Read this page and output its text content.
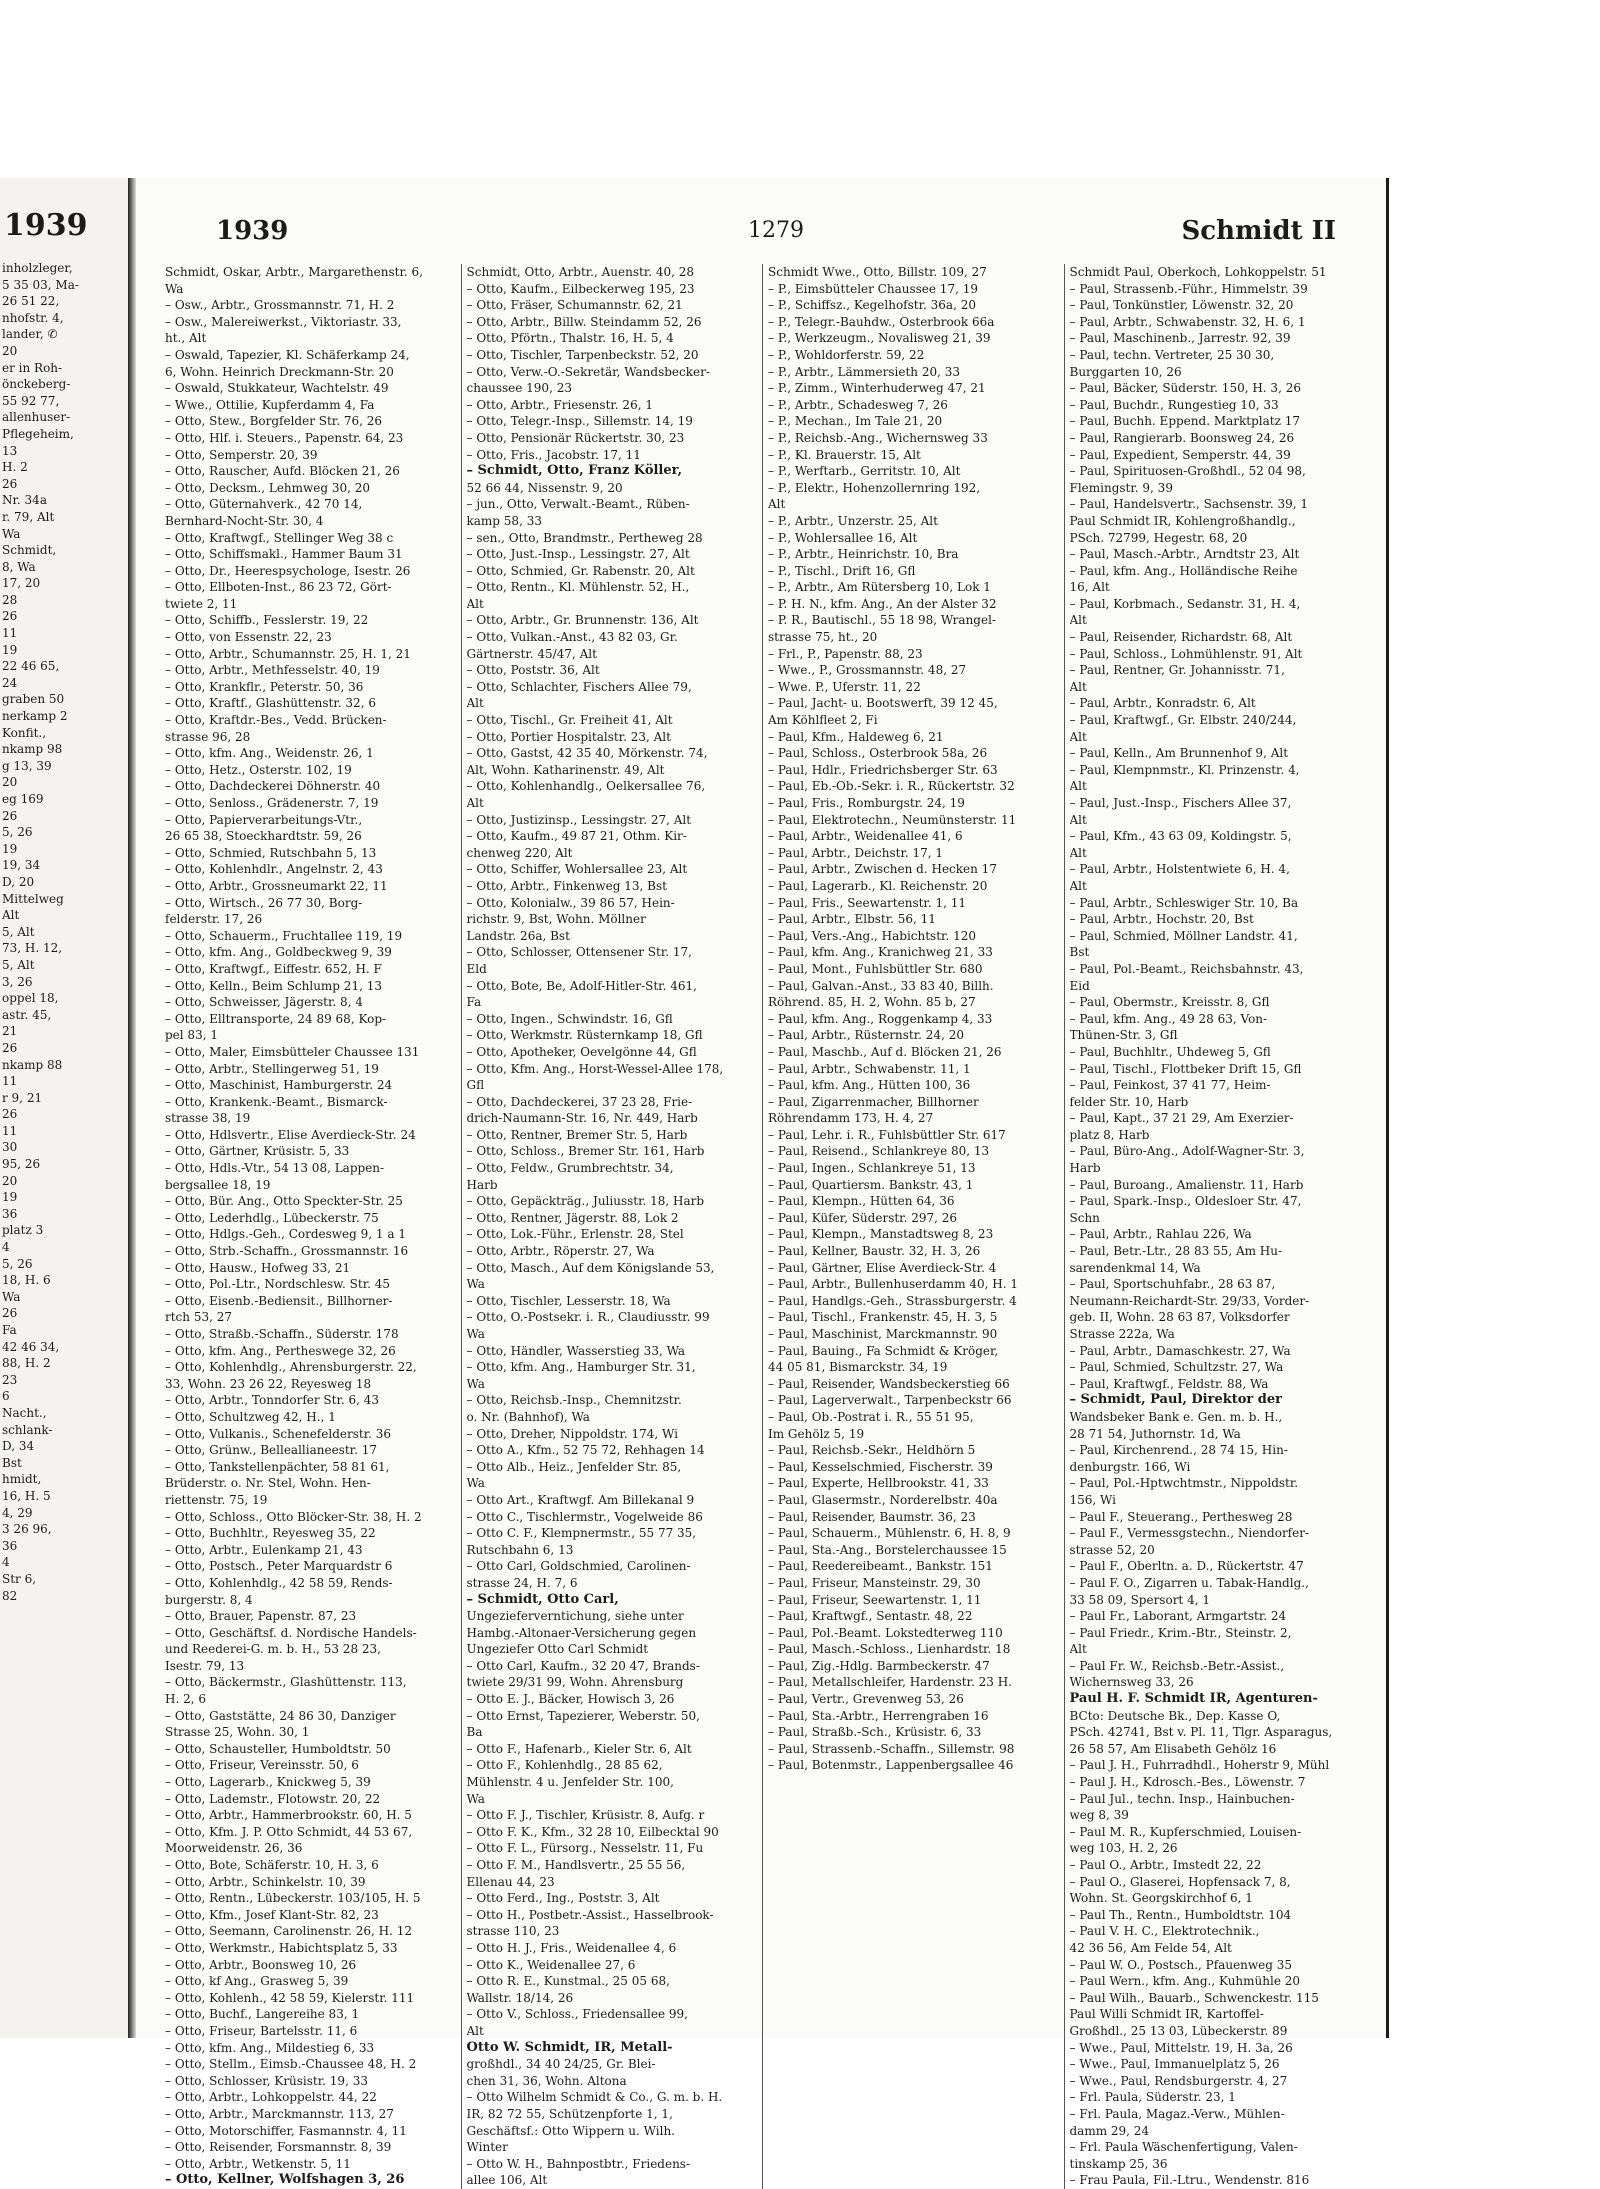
1939
inholzleger,
5 35 03, Ma-
26 51 22,
nhofstr. 4,
lander, ✆
20
er in Roh-
önckeberg-
55 92 77,
allenhuser-
Pflegeheim,
13
H. 2
26
Nr. 34a
r. 79, Alt
Wa
Schmidt,
8, Wa
17, 20
28
26
11
19
22 46 65,
24
graben 50
nerkamp 2
Konfit.,
nkamp 98
g 13, 39
20
eg 169
26
5, 26
19
19, 34
D, 20
Mittelweg
Alt
5, Alt
73, H. 12,
5, Alt
3, 26
oppel 18,
astr. 45,
21
26
nkamp 88
11
r 9, 21
26
11
30
95, 26
20
19
36
platz 3
4
5, 26
18, H. 6
Wa
26
Fa
42 46 34,
88, H. 2
23
6
Nacht.,
schlank-
D, 34
Bst
hmidt,
16, H. 5
4, 29
3 26 96,
36
4
Str 6,
82
1939	1279	Schmidt II
Schmidt, Oskar, Arbtr., Margarethenstr. 6,
Wa
– Osw., Arbtr., Grossmannstr. 71, H. 2
– Osw., Malereiwerkst., Viktoriastr. 33,
ht., Alt
– Oswald, Tapezier, Kl. Schäferkamp 24,
6, Wohn. Heinrich Dreckmann-Str. 20
– Oswald, Stukkateur, Wachtelstr. 49
– Wwe., Ottilie, Kupferdamm 4, Fa
– Otto, Stew., Borgfelder Str. 76, 26
– Otto, Hlf. i. Steuers., Papenstr. 64, 23
– Otto, Semperstr. 20, 39
– Otto, Rauscher, Aufd. Blöcken 21, 26
– Otto, Decksm., Lehmweg 30, 20
– Otto, Güternahverk., 42 70 14,
Bernhard-Nocht-Str. 30, 4
– Otto, Kraftwgf., Stellinger Weg 38 c
– Otto, Schiffsmakl., Hammer Baum 31
– Otto, Dr., Heerespsychologe, Isestr. 26
– Otto, Ellboten-Inst., 86 23 72, Gört-
twiete 2, 11
– Otto, Schiffb., Fesslerstr. 19, 22
– Otto, von Essenstr. 22, 23
– Otto, Arbtr., Schumannstr. 25, H. 1, 21
– Otto, Arbtr., Methfesselstr. 40, 19
– Otto, Krankflr., Peterstr. 50, 36
– Otto, Kraftf., Glashüttenstr. 32, 6
– Otto, Kraftdr.-Bes., Vedd. Brücken-
strasse 96, 28
– Otto, kfm. Ang., Weidenstr. 26, 1
– Otto, Hetz., Osterstr. 102, 19
– Otto, Dachdeckerei Döhnerstr. 40
– Otto, Senloss., Grädenerstr. 7, 19
– Otto, Papierverarbeitungs-Vtr.,
26 65 38, Stoeckhardtstr. 59, 26
– Otto, Schmied, Rutschbahn 5, 13
– Otto, Kohlenhdlr., Angelnstr. 2, 43
– Otto, Arbtr., Grossneumarkt 22, 11
– Otto, Wirtsch., 26 77 30, Borg-
felderstr. 17, 26
– Otto, Schauerm., Fruchtallee 119, 19
– Otto, kfm. Ang., Goldbeckweg 9, 39
– Otto, Kraftwgf., Eiffestr. 652, H. F
– Otto, Kelln., Beim Schlump 21, 13
– Otto, Schweisser, Jägerstr. 8, 4
– Otto, Elltransporte, 24 89 68, Kop-
pel 83, 1
– Otto, Maler, Eimsbütteler Chaussee 131
– Otto, Arbtr., Stellingerweg 51, 19
– Otto, Maschinist, Hamburgerstr. 24
– Otto, Krankenk.-Beamt., Bismarck-
strasse 38, 19
– Otto, Hdlsvertr., Elise Averdieck-Str. 24
– Otto, Gärtner, Krüsistr. 5, 33
– Otto, Hdls.-Vtr., 54 13 08, Lappen-
bergsallee 18, 19
– Otto, Bür. Ang., Otto Speckter-Str. 25
– Otto, Lederhdlg., Lübeckerstr. 75
– Otto, Hdlgs.-Geh., Cordesweg 9, 1 a 1
– Otto, Strb.-Schaffn., Grossmannstr. 16
– Otto, Hausw., Hofweg 33, 21
– Otto, Pol.-Ltr., Nordschlesw. Str. 45
– Otto, Eisenb.-Bediensit., Billhorner-
rtch 53, 27
– Otto, Straßb.-Schaffn., Süderstr. 178
– Otto, kfm. Ang., Pertheswege 32, 26
– Otto, Kohlenhdlg., Ahrensburgerstr. 22,
33, Wohn. 23 26 22, Reyesweg 18
– Otto, Arbtr., Tonndorfer Str. 6, 43
– Otto, Schultzweg 42, H., 1
– Otto, Vulkanis., Schenefelderstr. 36
– Otto, Grünw., Belleallianeestr. 17
– Otto, Tankstellenpächter, 58 81 61,
Brüderstr. o. Nr. Stel, Wohn. Hen-
riettenstr. 75, 19
– Otto, Schloss., Otto Blöcker-Str. 38, H. 2
– Otto, Buchhltr., Reyesweg 35, 22
– Otto, Arbtr., Eulenkamp 21, 43
– Otto, Postsch., Peter Marquardstr 6
– Otto, Kohlenhdlg., 42 58 59, Rends-
burgerstr. 8, 4
– Otto, Brauer, Papenstr. 87, 23
– Otto, Geschäftsf. d. Nordische Handels-
und Reederei-G. m. b. H., 53 28 23,
Isestr. 79, 13
– Otto, Bäckermstr., Glashüttenstr. 113,
H. 2, 6
– Otto, Gaststätte, 24 86 30, Danziger
Strasse 25, Wohn. 30, 1
– Otto, Schausteller, Humboldtstr. 50
– Otto, Friseur, Vereinsstr. 50, 6
– Otto, Lagerarb., Knickweg 5, 39
– Otto, Lademstr., Flotowstr. 20, 22
– Otto, Arbtr., Hammerbrookstr. 60, H. 5
– Otto, Kfm. J. P. Otto Schmidt, 44 53 67,
Moorweidenstr. 26, 36
– Otto, Bote, Schäferstr. 10, H. 3, 6
– Otto, Arbtr., Schinkelstr. 10, 39
– Otto, Rentn., Lübeckerstr. 103/105, H. 5
– Otto, Kfm., Josef Klant-Str. 82, 23
– Otto, Seemann, Carolinenstr. 26, H. 12
– Otto, Werkmstr., Habichtsplatz 5, 33
– Otto, Arbtr., Boonsweg 10, 26
– Otto, kf Ang., Grasweg 5, 39
– Otto, Kohlenh., 42 58 59, Kielerstr. 111
– Otto, Buchf., Langereihe 83, 1
– Otto, Friseur, Bartelsstr. 11, 6
– Otto, kfm. Ang., Mildestieg 6, 33
– Otto, Stellm., Eimsb.-Chaussee 48, H. 2
– Otto, Schlosser, Krüsistr. 19, 33
– Otto, Arbtr., Lohkoppelstr. 44, 22
– Otto, Arbtr., Marckmannstr. 113, 27
– Otto, Motorschiffer, Fasmannstr. 4, 11
– Otto, Reisender, Forsmannstr. 8, 39
– Otto, Arbtr., Wetkenstr. 5, 11
– Otto, Kellner, Wolfshagen 3, 26
Schmidt, Otto, Arbtr., Auenstr. 40, 28
– Otto, Kaufm., Eilbeckerweg 195, 23
– Otto, Fräser, Schumannstr. 62, 21
– Otto, Arbtr., Billw. Steindamm 52, 26
– Otto, Pförtn., Thalstr. 16, H. 5, 4
– Otto, Tischler, Tarpenbeckstr. 52, 20
– Otto, Verw.-O.-Sekretär, Wandsbecker-
chaussee 190, 23
– Otto, Arbtr., Friesenstr. 26, 1
– Otto, Telegr.-Insp., Sillemstr. 14, 19
– Otto, Pensionär Rückertstr. 30, 23
– Otto, Fris., Jacobstr. 17, 11
– Schmidt, Otto, Franz Köller,
52 66 44, Nissenstr. 9, 20
– jun., Otto, Verwalt.-Beamt., Rüben-
kamp 58, 33
– sen., Otto, Brandmstr., Pertheweg 28
– Otto, Just.-Insp., Lessingstr. 27, Alt
– Otto, Schmied, Gr. Rabenstr. 20, Alt
– Otto, Rentn., Kl. Mühlenstr. 52, H.,
Alt
– Otto, Arbtr., Gr. Brunnenstr. 136, Alt
– Otto, Vulkan.-Anst., 43 82 03, Gr.
Gärtnerstr. 45/47, Alt
– Otto, Poststr. 36, Alt
– Otto, Schlachter, Fischers Allee 79,
Alt
– Otto, Tischl., Gr. Freiheit 41, Alt
– Otto, Portier Hospitalstr. 23, Alt
– Otto, Gastst, 42 35 40, Mörkenstr. 74,
Alt, Wohn. Katharinenstr. 49, Alt
– Otto, Kohlenhandlg., Oelkersallee 76,
Alt
– Otto, Justizinsp., Lessingstr. 27, Alt
– Otto, Kaufm., 49 87 21, Othm. Kir-
chenweg 220, Alt
– Otto, Schiffer, Wohlersallee 23, Alt
– Otto, Arbtr., Finkenweg 13, Bst
– Otto, Kolonialw., 39 86 57, Hein-
richstr. 9, Bst, Wohn. Möllner
Landstr. 26a, Bst
– Otto, Schlosser, Ottensener Str. 17,
Eld
– Otto, Bote, Be, Adolf-Hitler-Str. 461,
Fa
– Otto, Ingen., Schwindstr. 16, Gfl
– Otto, Werkmstr. Rüsternkamp 18, Gfl
– Otto, Apotheker, Oevelgönne 44, Gfl
– Otto, Kfm. Ang., Horst-Wessel-Allee 178,
Gfl
– Otto, Dachdeckerei, 37 23 28, Frie-
drich-Naumann-Str. 16, Nr. 449, Harb
– Otto, Rentner, Bremer Str. 5, Harb
– Otto, Schloss., Bremer Str. 161, Harb
– Otto, Feldw., Grumbrechtstr. 34,
Harb
– Otto, Gepäckträg., Juliusstr. 18, Harb
– Otto, Rentner, Jägerstr. 88, Lok 2
– Otto, Lok.-Führ., Erlenstr. 28, Stel
– Otto, Arbtr., Röperstr. 27, Wa
– Otto, Masch., Auf dem Königslande 53,
Wa
– Otto, Tischler, Lesserstr. 18, Wa
– Otto, O.-Postsekr. i. R., Claudiusstr. 99
Wa
– Otto, Händler, Wasserstieg 33, Wa
– Otto, kfm. Ang., Hamburger Str. 31,
Wa
– Otto, Reichsb.-Insp., Chemnitzstr.
o. Nr. (Bahnhof), Wa
– Otto, Dreher, Nippoldstr. 174, Wi
– Otto A., Kfm., 52 75 72, Rehhagen 14
– Otto Alb., Heiz., Jenfelder Str. 85,
Wa
– Otto Art., Kraftwgf. Am Billekanal 9
– Otto C., Tischlermstr., Vogelweide 86
– Otto C. F., Klempnermstr., 55 77 35,
Rutschbahn 6, 13
– Otto Carl, Goldschmied, Carolinen-
strasse 24, H. 7, 6
– Schmidt, Otto Carl,
Ungezieferverntichung, siehe unter
Hambg.-Altonaer-Versicherung gegen
Ungeziefer Otto Carl Schmidt
– Otto Carl, Kaufm., 32 20 47, Brands-
twiete 29/31 99, Wohn. Ahrensburg
– Otto E. J., Bäcker, Howisch 3, 26
– Otto Ernst, Tapezierer, Weberstr. 50,
Ba
– Otto F., Hafenarb., Kieler Str. 6, Alt
– Otto F., Kohlenhdlg., 28 85 62,
Mühlenstr. 4 u. Jenfelder Str. 100,
Wa
– Otto F. J., Tischler, Krüsistr. 8, Aufg. r
– Otto F. K., Kfm., 32 28 10, Eilbecktal 90
– Otto F. L., Fürsorg., Nesselstr. 11, Fu
– Otto F. M., Handlsvertr., 25 55 56,
Ellenau 44, 23
– Otto Ferd., Ing., Poststr. 3, Alt
– Otto H., Postbetr.-Assist., Hasselbrook-
strasse 110, 23
– Otto H. J., Fris., Weidenallee 4, 6
– Otto K., Weidenallee 27, 6
– Otto R. E., Kunstmal., 25 05 68,
Wallstr. 18/14, 26
– Otto V., Schloss., Friedensallee 99,
Alt
Otto W. Schmidt, IR, Metall-
großhdl., 34 40 24/25, Gr. Blei-
chen 31, 36, Wohn. Altona
– Otto Wilhelm Schmidt & Co., G. m. b. H.
IR, 82 72 55, Schützenpforte 1, 1,
Geschäftsf.: Otto Wippern u. Wilh.
Winter
– Otto W. H., Bahnpostbtr., Friedens-
allee 106, Alt
Schmidt Wwe., Otto, Billstr. 109, 27
– P., Eimsbütteler Chaussee 17, 19
– P., Schiffsz., Kegelhofstr. 36a, 20
– P., Telegr.-Bauhdw., Osterbrook 66a
– P., Werkzeugm., Novalisweg 21, 39
– P., Wohldorferstr. 59, 22
– P., Arbtr., Lämmersieth 20, 33
– P., Zimm., Winterhuderweg 47, 21
– P., Arbtr., Schadesweg 7, 26
– P., Mechan., Im Tale 21, 20
– P., Reichsb.-Ang., Wichernsweg 33
– P., Kl. Brauerstr. 15, Alt
– P., Werftarb., Gerritstr. 10, Alt
– P., Elektr., Hohenzollernring 192,
Alt
– P., Arbtr., Unzerstr. 25, Alt
– P., Wohlersallee 16, Alt
– P., Arbtr., Heinrichstr. 10, Bra
– P., Tischl., Drift 16, Gfl
– P., Arbtr., Am Rütersberg 10, Lok 1
– P. H. N., kfm. Ang., An der Alster 32
– P. R., Bautischl., 55 18 98, Wrangel-
strasse 75, ht., 20
– Frl., P., Papenstr. 88, 23
– Wwe., P., Grossmannstr. 48, 27
– Wwe. P., Uferstr. 11, 22
– Paul, Jacht- u. Bootswerft, 39 12 45,
Am Köhlfleet 2, Fi
– Paul, Kfm., Haldeweg 6, 21
– Paul, Schloss., Osterbrook 58a, 26
– Paul, Hdlr., Friedrichsberger Str. 63
– Paul, Eb.-Ob.-Sekr. i. R., Rückertstr. 32
– Paul, Fris., Romburgstr. 24, 19
– Paul, Elektrotechn., Neumünsterstr. 11
– Paul, Arbtr., Weidenallee 41, 6
– Paul, Arbtr., Deichstr. 17, 1
– Paul, Arbtr., Zwischen d. Hecken 17
– Paul, Lagerarb., Kl. Reichenstr. 20
– Paul, Fris., Seewartenstr. 1, 11
– Paul, Arbtr., Elbstr. 56, 11
– Paul, Vers.-Ang., Habichtstr. 120
– Paul, kfm. Ang., Kranichweg 21, 33
– Paul, Mont., Fuhlsbüttler Str. 680
– Paul, Galvan.-Anst., 33 83 40, Billh.
Röhrend. 85, H. 2, Wohn. 85 b, 27
– Paul, kfm. Ang., Roggenkamp 4, 33
– Paul, Arbtr., Rüsternstr. 24, 20
– Paul, Maschb., Auf d. Blöcken 21, 26
– Paul, Arbtr., Schwabenstr. 11, 1
– Paul, kfm. Ang., Hütten 100, 36
– Paul, Zigarrenmacher, Billhorner
Röhrendamm 173, H. 4, 27
– Paul, Lehr. i. R., Fuhlsbüttler Str. 617
– Paul, Reisend., Schlankreye 80, 13
– Paul, Ingen., Schlankreye 51, 13
– Paul, Quartiersm. Bankstr. 43, 1
– Paul, Klempn., Hütten 64, 36
– Paul, Küfer, Süderstr. 297, 26
– Paul, Klempn., Manstadtsweg 8, 23
– Paul, Kellner, Baustr. 32, H. 3, 26
– Paul, Gärtner, Elise Averdieck-Str. 4
– Paul, Arbtr., Bullenhuserdamm 40, H. 1
– Paul, Handlgs.-Geh., Strassburgerstr. 4
– Paul, Tischl., Frankenstr. 45, H. 3, 5
– Paul, Maschinist, Marckmannstr. 90
– Paul, Bauing., Fa Schmidt & Kröger,
44 05 81, Bismarckstr. 34, 19
– Paul, Reisender, Wandsbeckerstieg 66
– Paul, Lagerverwalt., Tarpenbeckstr 66
– Paul, Ob.-Postrat i. R., 55 51 95,
Im Gehölz 5, 19
– Paul, Reichsb.-Sekr., Heldhörn 5
– Paul, Kesselschmied, Fischerstr. 39
– Paul, Experte, Hellbrookstr. 41, 33
– Paul, Glasermstr., Norderelbstr. 40a
– Paul, Reisender, Baumstr. 36, 23
– Paul, Schauerm., Mühlenstr. 6, H. 8, 9
– Paul, Sta.-Ang., Borstelerchaussee 15
– Paul, Reedereibeamt., Bankstr. 151
– Paul, Friseur, Mansteinstr. 29, 30
– Paul, Friseur, Seewartenstr. 1, 11
– Paul, Kraftwgf., Sentastr. 48, 22
– Paul, Pol.-Beamt. Lokstedterweg 110
– Paul, Masch.-Schloss., Lienhardstr. 18
– Paul, Zig.-Hdlg. Barmbeckerstr. 47
– Paul, Metallschleifer, Hardenstr. 23 H.
– Paul, Vertr., Grevenweg 53, 26
– Paul, Sta.-Arbtr., Herrengraben 16
– Paul, Straßb.-Sch., Krüsistr. 6, 33
– Paul, Strassenb.-Schaffn., Sillemstr. 98
– Paul, Botenmstr., Lappenbergsallee 46
Schmidt Paul, Oberkoch, Lohkoppelstr. 51
– Paul, Strassenb.-Führ., Himmelstr. 39
– Paul, Tonkünstler, Löwenstr. 32, 20
– Paul, Arbtr., Schwabenstr. 32, H. 6, 1
– Paul, Maschinenb., Jarrestr. 92, 39
– Paul, techn. Vertreter, 25 30 30,
Burggarten 10, 26
– Paul, Bäcker, Süderstr. 150, H. 3, 26
– Paul, Buchdr., Rungestieg 10, 33
– Paul, Buchh. Eppend. Marktplatz 17
– Paul, Rangierarb. Boonsweg 24, 26
– Paul, Expedient, Semperstr. 44, 39
– Paul, Spirituosen-Großhdl., 52 04 98,
Flemingstr. 9, 39
– Paul, Handelsvertr., Sachsenstr. 39, 1
Paul Schmidt IR, Kohlengroßhandlg.,
PSch. 72799, Hegestr. 68, 20
– Paul, Masch.-Arbtr., Arndtstr 23, Alt
– Paul, kfm. Ang., Holländische Reihe
16, Alt
– Paul, Korbmach., Sedanstr. 31, H. 4,
Alt
– Paul, Reisender, Richardstr. 68, Alt
– Paul, Schloss., Lohmühlenstr. 91, Alt
– Paul, Rentner, Gr. Johannisstr. 71,
Alt
– Paul, Arbtr., Konradstr. 6, Alt
– Paul, Kraftwgf., Gr. Elbstr. 240/244,
Alt
– Paul, Kelln., Am Brunnenhof 9, Alt
– Paul, Klempnmstr., Kl. Prinzenstr. 4,
Alt
– Paul, Just.-Insp., Fischers Allee 37,
Alt
– Paul, Kfm., 43 63 09, Koldingstr. 5,
Alt
– Paul, Arbtr., Holstentwiete 6, H. 4,
Alt
– Paul, Arbtr., Schleswiger Str. 10, Ba
– Paul, Arbtr., Hochstr. 20, Bst
– Paul, Schmied, Möllner Landstr. 41,
Bst
– Paul, Pol.-Beamt., Reichsbahnstr. 43,
Eid
– Paul, Obermstr., Kreisstr. 8, Gfl
– Paul, kfm. Ang., 49 28 63, Von-
Thünen-Str. 3, Gfl
– Paul, Buchhltr., Uhdeweg 5, Gfl
– Paul, Tischl., Flottbeker Drift 15, Gfl
– Paul, Feinkost, 37 41 77, Heim-
felder Str. 10, Harb
– Paul, Kapt., 37 21 29, Am Exerzier-
platz 8, Harb
– Paul, Büro-Ang., Adolf-Wagner-Str. 3,
Harb
– Paul, Buroang., Amalienstr. 11, Harb
– Paul, Spark.-Insp., Oldesloer Str. 47,
Schn
– Paul, Arbtr., Rahlau 226, Wa
– Paul, Betr.-Ltr., 28 83 55, Am Hu-
sarendenkmal 14, Wa
– Paul, Sportschuhfabr., 28 63 87,
Neumann-Reichardt-Str. 29/33, Vorder-
geb. II, Wohn. 28 63 87, Volksdorfer
Strasse 222a, Wa
– Paul, Arbtr., Damaschkestr. 27, Wa
– Paul, Schmied, Schultzstr. 27, Wa
– Paul, Kraftwgf., Feldstr. 88, Wa
– Schmidt, Paul, Direktor der
Wandsbeker Bank e. Gen. m. b. H.,
28 71 54, Juthornstr. 1d, Wa
– Paul, Kirchenrend., 28 74 15, Hin-
denburgstr. 166, Wi
– Paul, Pol.-Hptwchtmstr., Nippoldstr.
156, Wi
– Paul F., Steuerang., Perthesweg 28
– Paul F., Vermessgstechn., Niendorfer-
strasse 52, 20
– Paul F., Oberltn. a. D., Rückertstr. 47
– Paul F. O., Zigarren u. Tabak-Handlg.,
33 58 09, Spersort 4, 1
– Paul Fr., Laborant, Armgartstr. 24
– Paul Friedr., Krim.-Btr., Steinstr. 2,
Alt
– Paul Fr. W., Reichsb.-Betr.-Assist.,
Wichernsweg 33, 26
Paul H. F. Schmidt IR, Agenturen-
BCto: Deutsche Bk., Dep. Kasse O,
PSch. 42741, Bst v. Pl. 11, Tlgr. Asparagus,
26 58 57, Am Elisabeth Gehölz 16
– Paul J. H., Fuhrradhdl., Hoherstr 9, Mühl
– Paul J. H., Kdrosch.-Bes., Löwenstr. 7
– Paul Jul., techn. Insp., Hainbuchen-
weg 8, 39
– Paul M. R., Kupferschmied, Louisen-
weg 103, H. 2, 26
– Paul O., Arbtr., Imstedt 22, 22
– Paul O., Glaserei, Hopfensack 7, 8,
Wohn. St. Georgskirchhof 6, 1
– Paul Th., Rentn., Humboldtstr. 104
– Paul V. H. C., Elektrotechnik.,
42 36 56, Am Felde 54, Alt
– Paul W. O., Postsch., Pfauenweg 35
– Paul Wern., kfm. Ang., Kuhmühle 20
– Paul Wilh., Bauarb., Schwenckestr. 115
Paul Willi Schmidt IR, Kartoffel-
Großhdl., 25 13 03, Lübeckerstr. 89
– Wwe., Paul, Mittelstr. 19, H. 3a, 26
– Wwe., Paul, Immanuelplatz 5, 26
– Wwe., Paul, Rendsburgerstr. 4, 27
– Frl. Paula, Süderstr. 23, 1
– Frl. Paula, Magaz.-Verw., Mühlen-
damm 29, 24
– Frl. Paula Wäschenfertigung, Valen-
tinskamp 25, 36
– Frau Paula, Fil.-Ltru., Wendenstr. 816
